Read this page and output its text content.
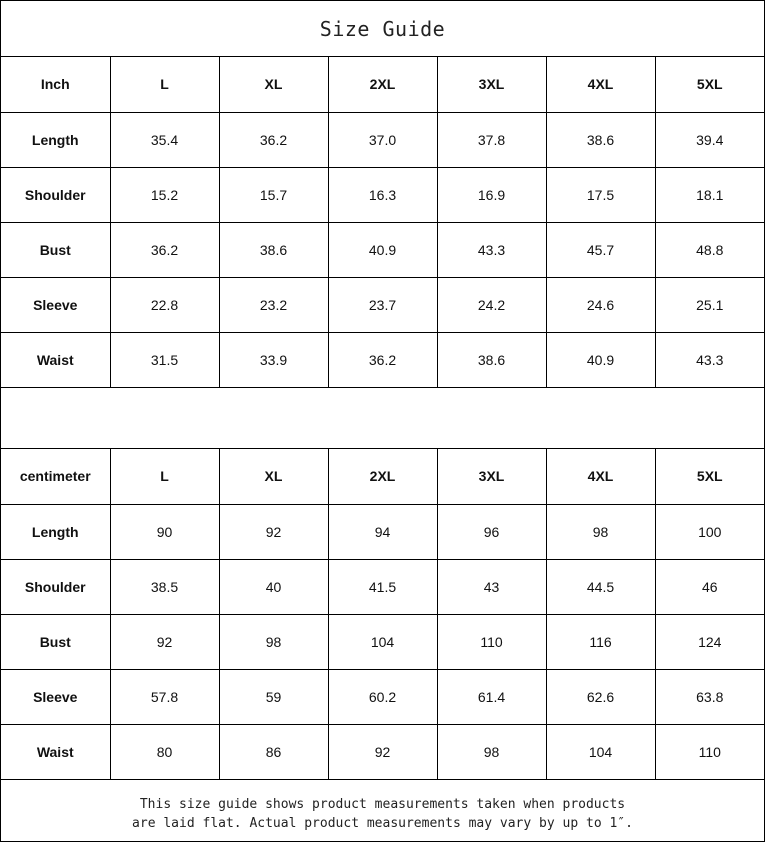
Size Guide
Inch	L	XL	2XL	3XL	4XL	5XL
Length	35.4	36.2	37.0	37.8	38.6	39.4
Shoulder	15.2	15.7	16.3	16.9	17.5	18.1
Bust	36.2	38.6	40.9	43.3	45.7	48.8
Sleeve	22.8	23.2	23.7	24.2	24.6	25.1
Waist	31.5	33.9	36.2	38.6	40.9	43.3
centimeter	L	XL	2XL	3XL	4XL	5XL
Length	90	92	94	96	98	100
Shoulder	38.5	40	41.5	43	44.5	46
Bust	92	98	104	110	116	124
Sleeve	57.8	59	60.2	61.4	62.6	63.8
Waist	80	86	92	98	104	110
This size guide shows product measurements taken when products
are laid flat. Actual product measurements may vary by up to 1″.
